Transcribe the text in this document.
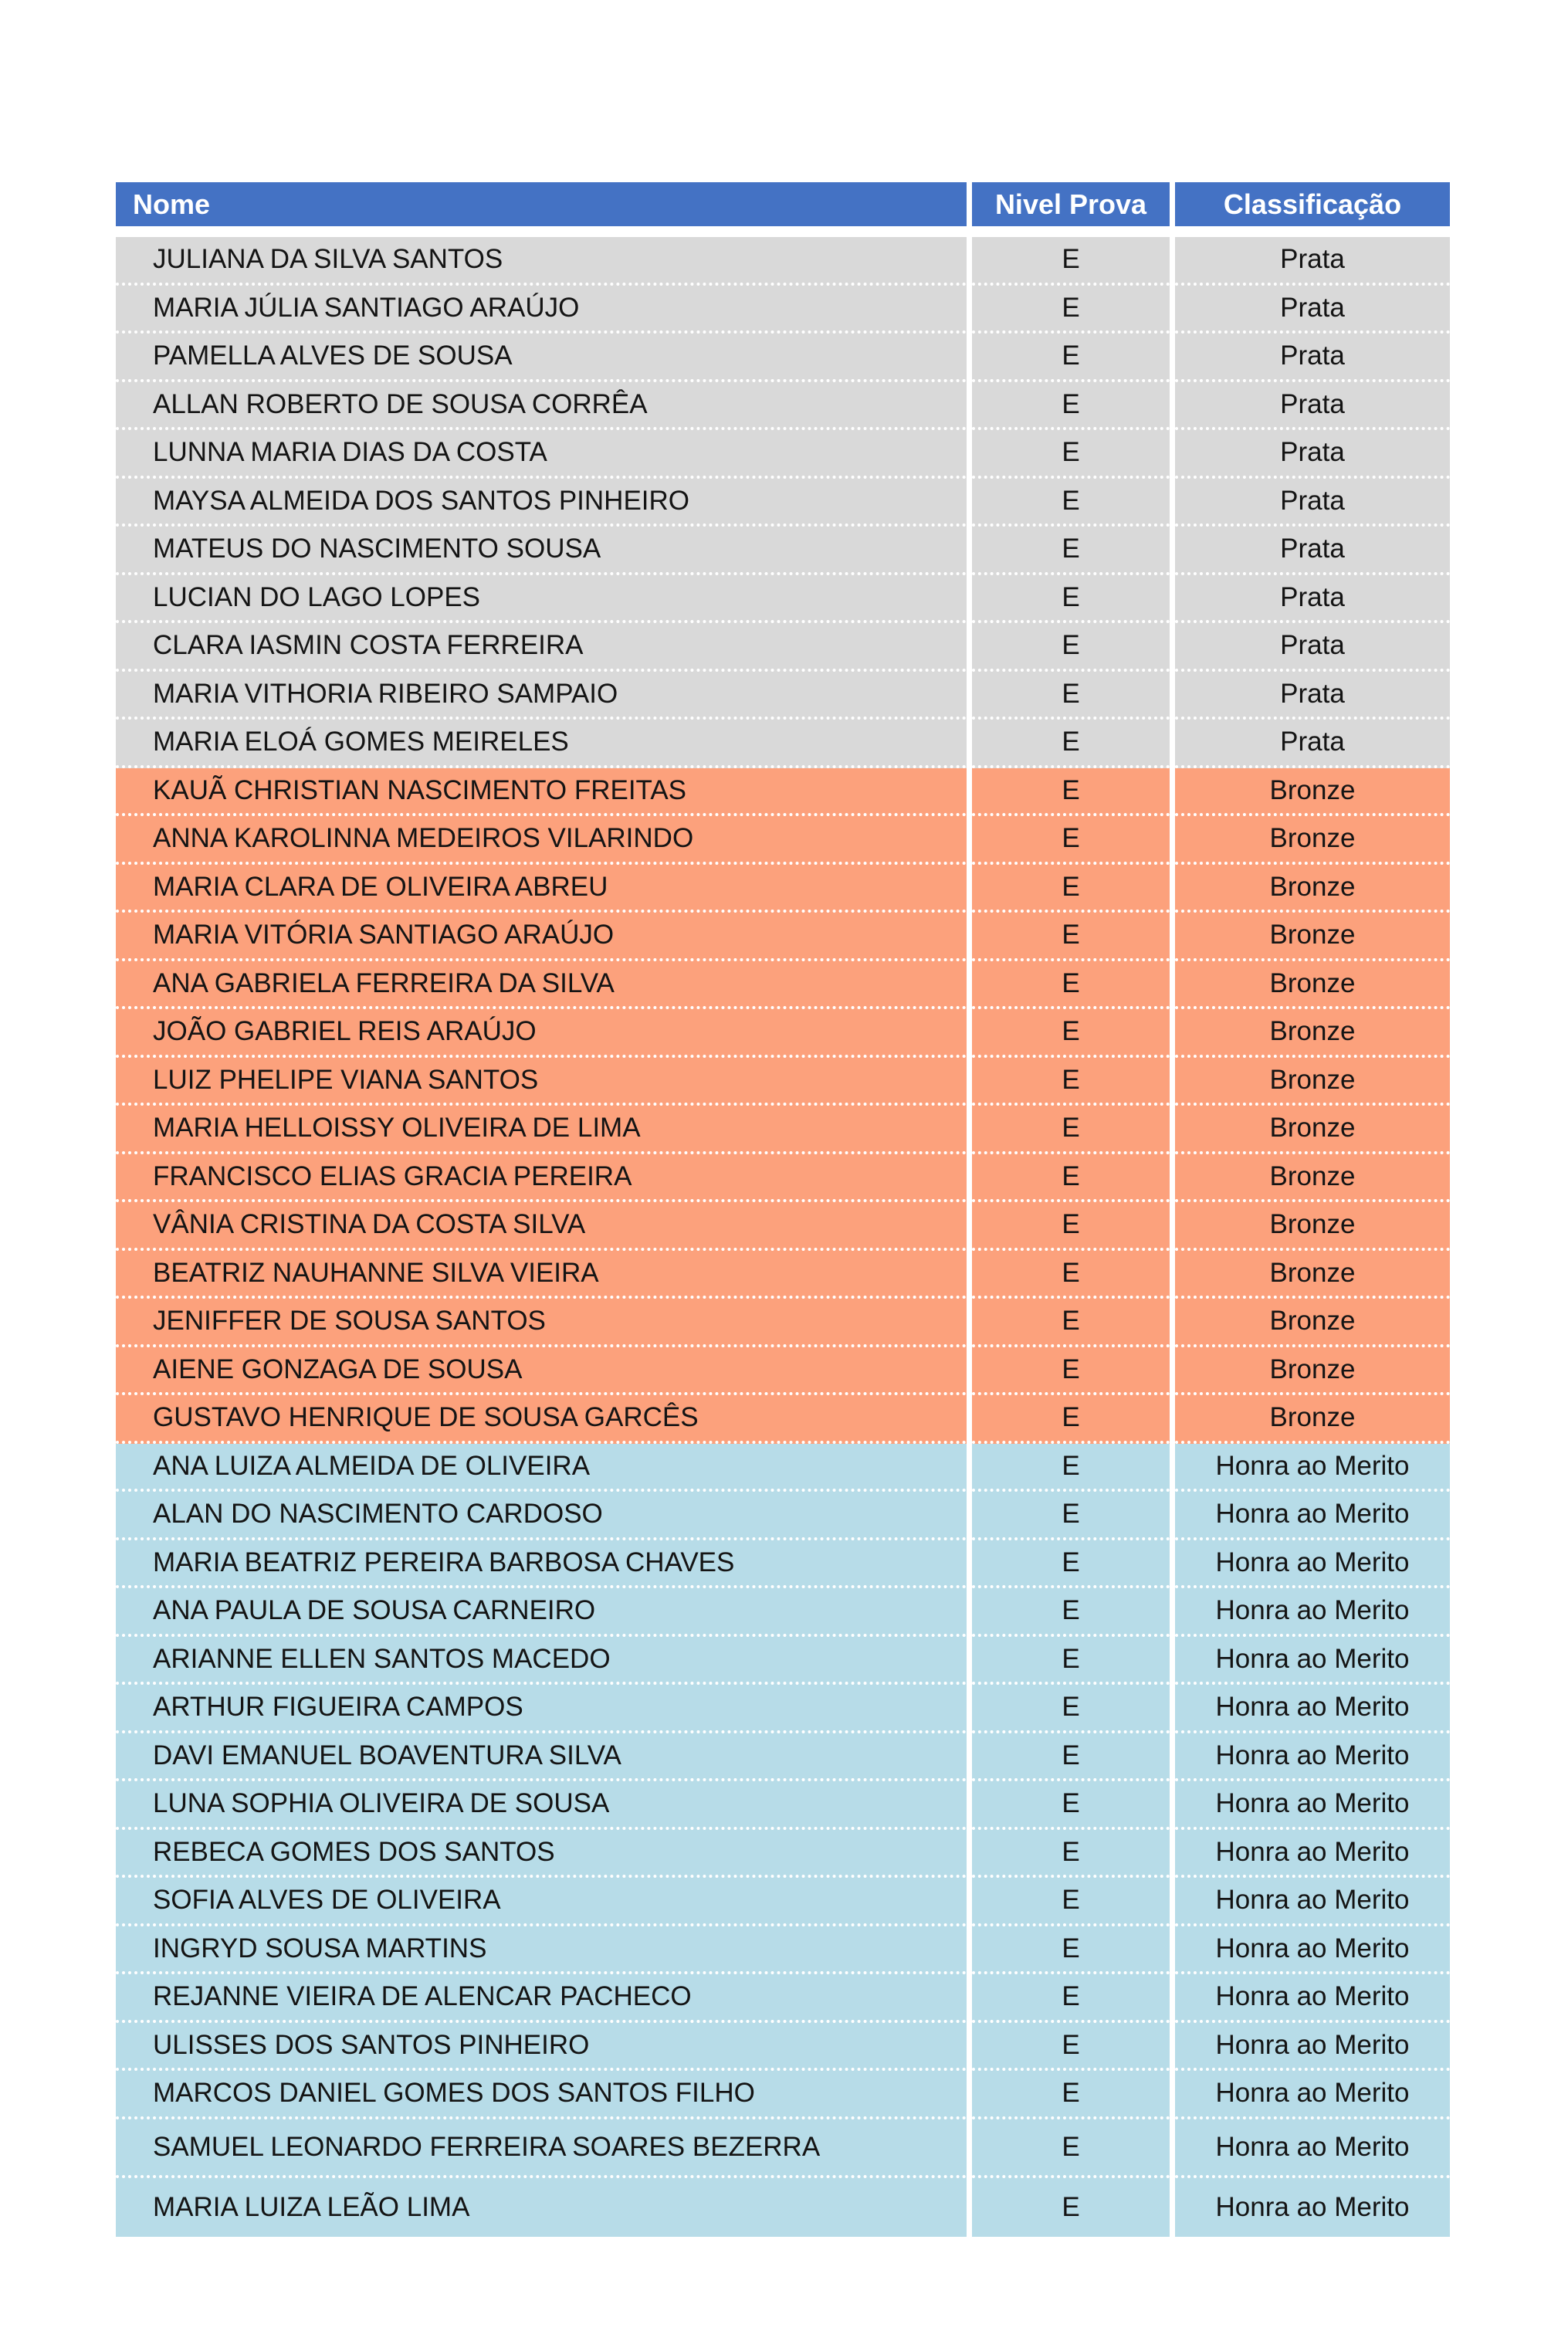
Nome	Nivel Prova	Classificação
JULIANA DA SILVA SANTOS	E	Prata
MARIA JÚLIA SANTIAGO ARAÚJO	E	Prata
PAMELLA ALVES DE SOUSA	E	Prata
ALLAN ROBERTO DE SOUSA CORRÊA	E	Prata
LUNNA MARIA DIAS DA COSTA	E	Prata
MAYSA ALMEIDA DOS SANTOS PINHEIRO	E	Prata
MATEUS DO NASCIMENTO SOUSA	E	Prata
LUCIAN DO LAGO LOPES	E	Prata
CLARA IASMIN COSTA FERREIRA	E	Prata
MARIA VITHORIA RIBEIRO SAMPAIO	E	Prata
MARIA ELOÁ GOMES MEIRELES	E	Prata
KAUÃ CHRISTIAN NASCIMENTO FREITAS	E	Bronze
ANNA KAROLINNA MEDEIROS VILARINDO	E	Bronze
MARIA CLARA DE OLIVEIRA ABREU	E	Bronze
MARIA VITÓRIA SANTIAGO ARAÚJO	E	Bronze
ANA GABRIELA FERREIRA DA SILVA	E	Bronze
JOÃO GABRIEL REIS ARAÚJO	E	Bronze
LUIZ PHELIPE VIANA SANTOS	E	Bronze
MARIA HELLOISSY OLIVEIRA DE LIMA	E	Bronze
FRANCISCO ELIAS GRACIA PEREIRA	E	Bronze
VÂNIA CRISTINA DA COSTA SILVA	E	Bronze
BEATRIZ NAUHANNE SILVA VIEIRA	E	Bronze
JENIFFER DE SOUSA SANTOS	E	Bronze
AIENE GONZAGA DE SOUSA	E	Bronze
GUSTAVO HENRIQUE DE SOUSA GARCÊS	E	Bronze
ANA LUIZA ALMEIDA DE OLIVEIRA	E	Honra ao Merito
ALAN DO NASCIMENTO CARDOSO	E	Honra ao Merito
MARIA BEATRIZ PEREIRA BARBOSA CHAVES	E	Honra ao Merito
ANA PAULA DE SOUSA CARNEIRO	E	Honra ao Merito
ARIANNE ELLEN SANTOS MACEDO	E	Honra ao Merito
ARTHUR FIGUEIRA CAMPOS	E	Honra ao Merito
DAVI EMANUEL BOAVENTURA SILVA	E	Honra ao Merito
LUNA SOPHIA OLIVEIRA DE SOUSA	E	Honra ao Merito
REBECA GOMES DOS SANTOS	E	Honra ao Merito
SOFIA ALVES DE OLIVEIRA	E	Honra ao Merito
INGRYD SOUSA MARTINS	E	Honra ao Merito
REJANNE VIEIRA DE ALENCAR PACHECO	E	Honra ao Merito
ULISSES DOS SANTOS PINHEIRO	E	Honra ao Merito
MARCOS DANIEL GOMES DOS SANTOS FILHO	E	Honra ao Merito
SAMUEL LEONARDO FERREIRA SOARES BEZERRA	E	Honra ao Merito
MARIA LUIZA LEÃO LIMA	E	Honra ao Merito
